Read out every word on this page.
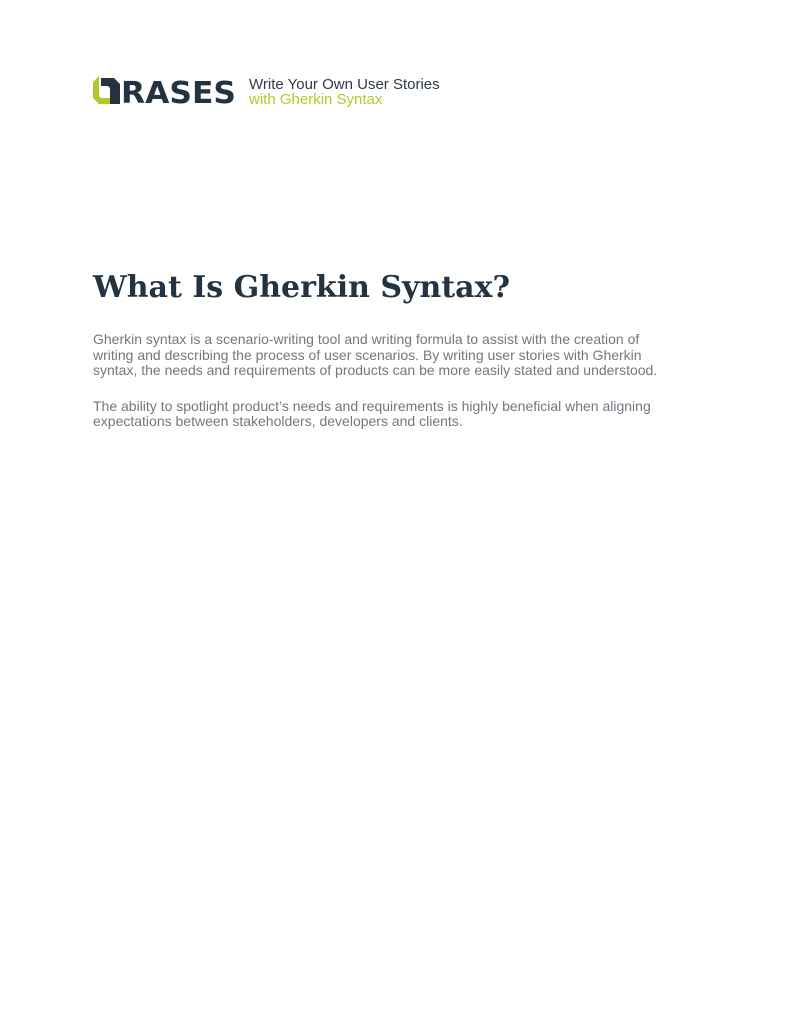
RASES Write Your Own User Stories
with Gherkin Syntax
What Is Gherkin Syntax?

Gherkin syntax is a scenario-writing tool and writing formula to assist with the creation of writing and describing the process of user scenarios. By writing user stories with Gherkin syntax, the needs and requirements of products can be more easily stated and understood.

The ability to spotlight product’s needs and requirements is highly beneficial when aligning expectations between stakeholders, developers and clients.
